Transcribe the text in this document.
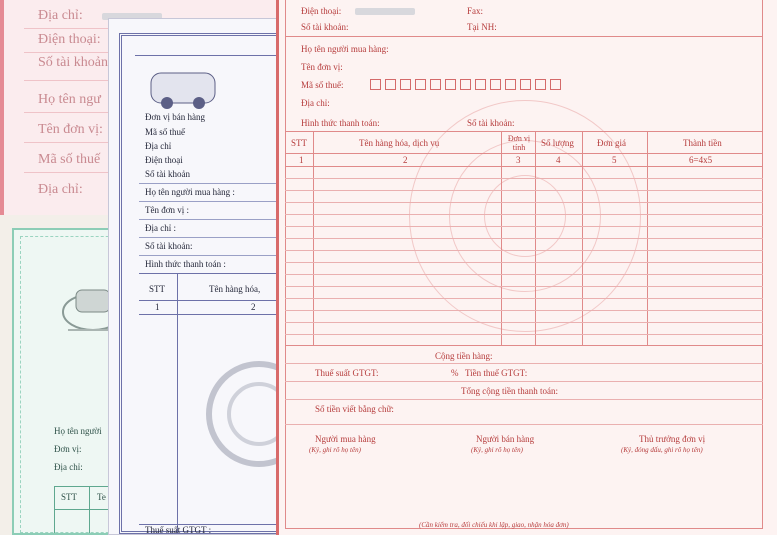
Địa chỉ:
Điện thoại:
Số tài khoản
Họ tên ngư
Tên đơn vị:
Mã số thuế
Địa chỉ:
Họ tên người
Đơn vị:
Địa chỉ:
STT Te
Đơn vị bán hàng
Mã số thuế
Địa chỉ
Điện thoại
Số tài khoản
Họ tên người mua hàng :
Tên đơn vị :
Địa chỉ :
Số tài khoản:
Hình thức thanh toán :
STT	Tên hàng hóa,
1	2
Thuế suất GTGT :
Điện thoại:	Fax:
Số tài khoản:	Tại NH:
Họ tên người mua hàng:
Tên đơn vị:
Mã số thuế:
Địa chỉ:
Hình thức thanh toán:	Số tài khoản:
STT	Tên hàng hóa, dịch vụ	Đơn vị tính	Số lượng	Đơn giá	Thành tiền
1	2	3	4	5	6=4x5
Cộng tiền hàng:
Thuế suất GTGT:	% Tiền thuế GTGT:
Tổng cộng tiền thanh toán:
Số tiền viết bằng chữ:
Người mua hàng
(Ký, ghi rõ họ tên)
Người bán hàng
(Ký, ghi rõ họ tên)
Thủ trưởng đơn vị
(Ký, đóng dấu, ghi rõ họ tên)
(Cần kiểm tra, đối chiếu khi lập, giao, nhận hóa đơn)
